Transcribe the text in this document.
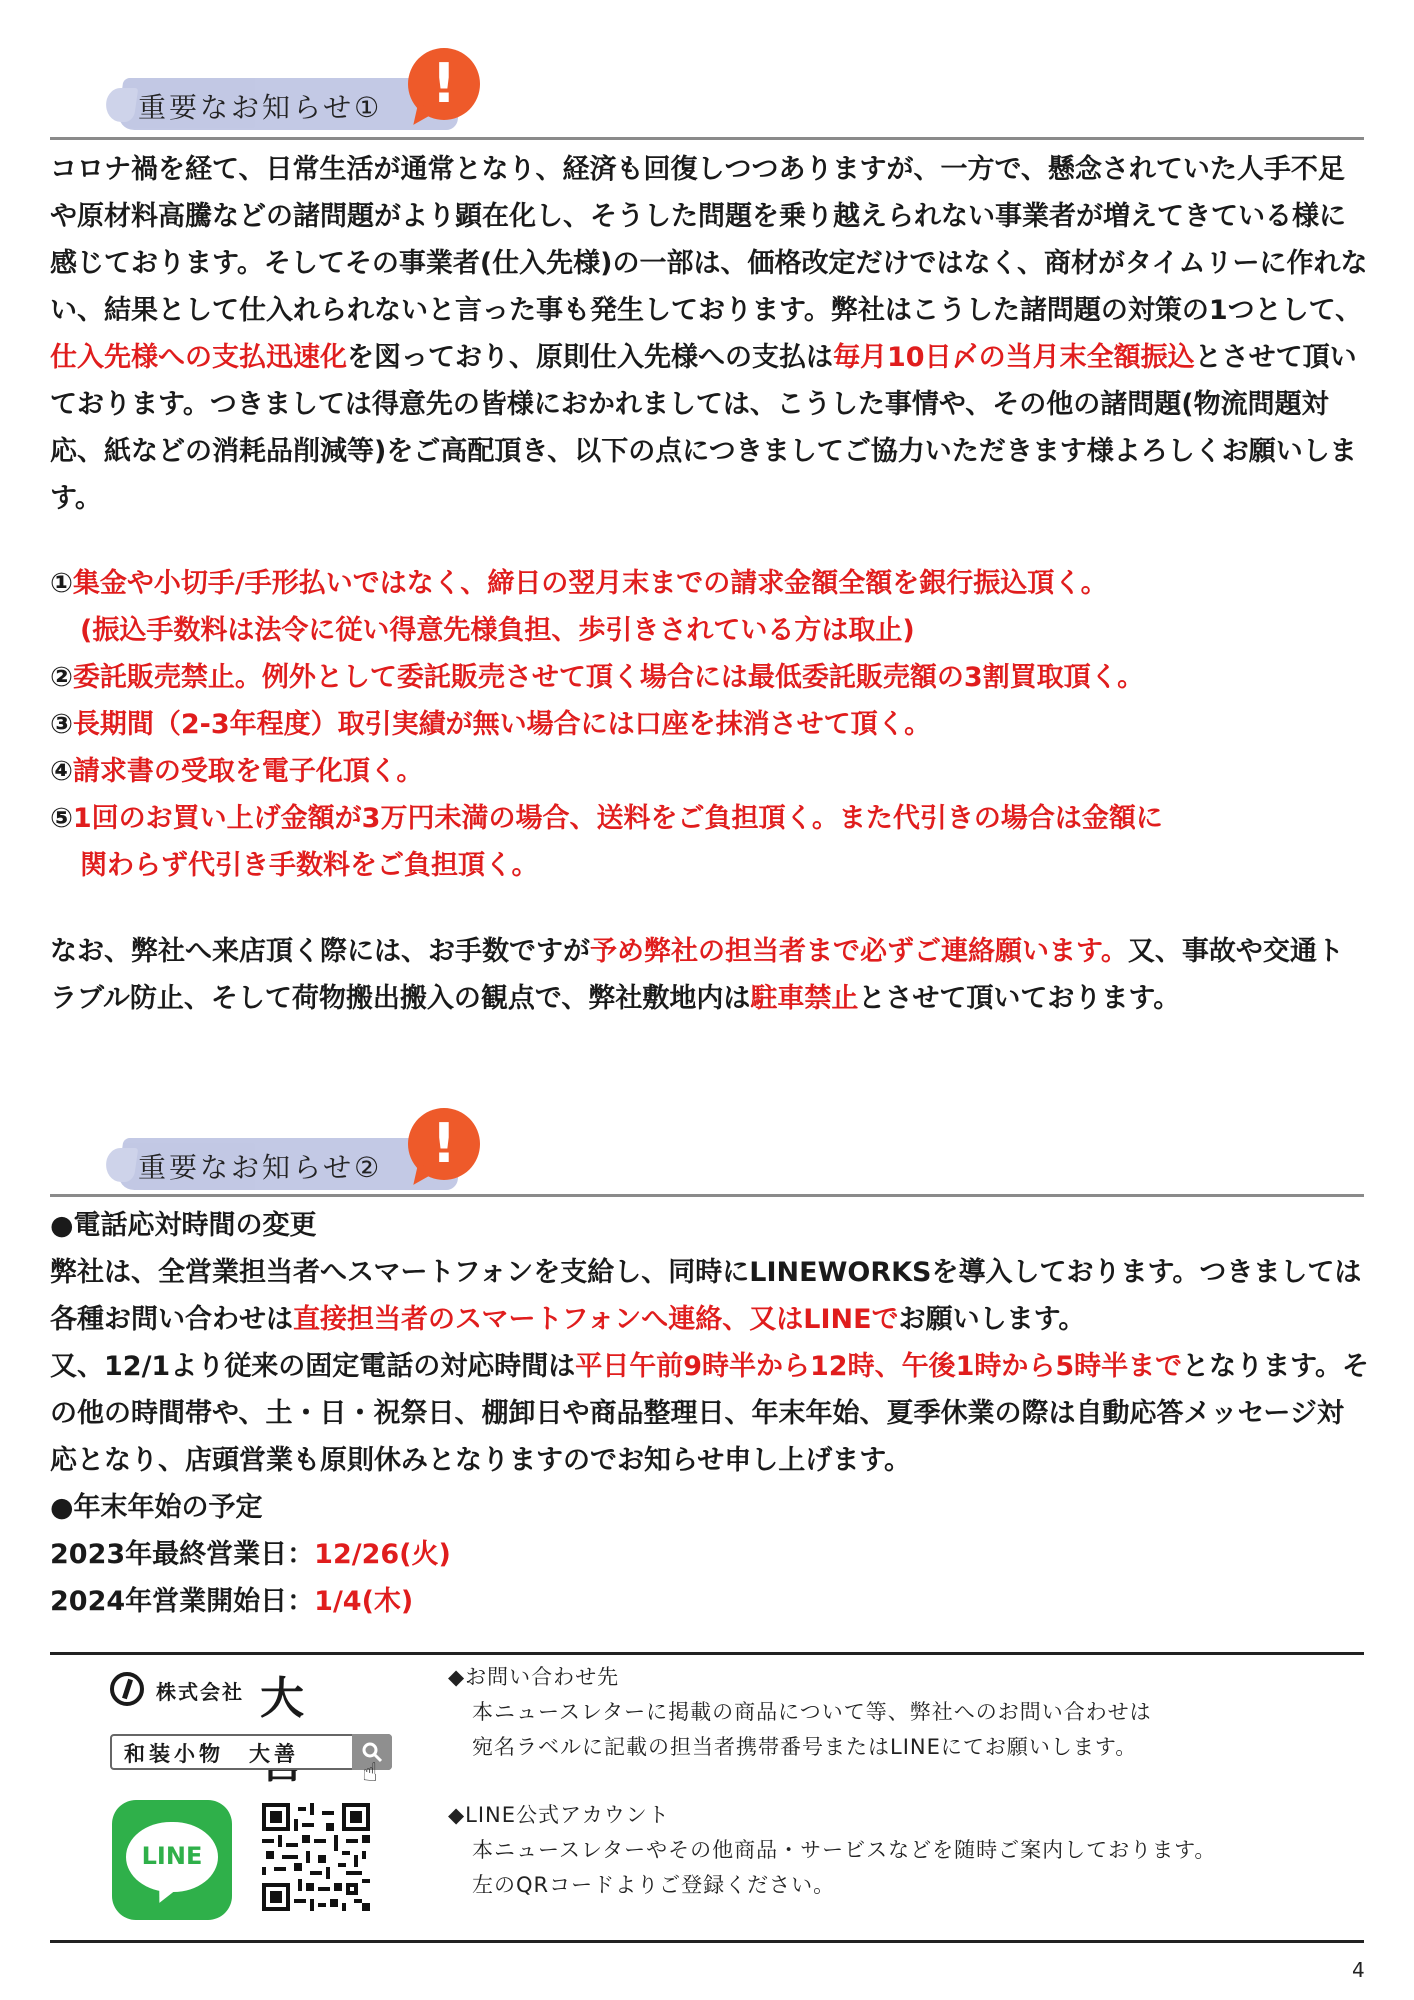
重要なお知らせ① !
コロナ禍を経て、日常生活が通常となり、経済も回復しつつありますが、一方で、懸念されていた人手不足や原材料高騰などの諸問題がより顕在化し、そうした問題を乗り越えられない事業者が増えてきている様に感じております。そしてその事業者(仕入先様)の一部は、価格改定だけではなく、商材がタイムリーに作れない、結果として仕入れられないと言った事も発生しております。弊社はこうした諸問題の対策の1つとして、仕入先様への支払迅速化を図っており、原則仕入先様への支払は毎月10日〆の当月末全額振込とさせて頂いております。つきましては得意先の皆様におかれましては、こうした事情や、その他の諸問題(物流問題対応、紙などの消耗品削減等)をご高配頂き、以下の点につきましてご協力いただきます様よろしくお願いします。
①集金や小切手/手形払いではなく、締日の翌月末までの請求金額全額を銀行振込頂く。
(振込手数料は法令に従い得意先様負担、歩引きされている方は取止)
②委託販売禁止。例外として委託販売させて頂く場合には最低委託販売額の3割買取頂く。
③長期間（2-3年程度）取引実績が無い場合には口座を抹消させて頂く。
④請求書の受取を電子化頂く。
⑤1回のお買い上げ金額が3万円未満の場合、送料をご負担頂く。また代引きの場合は金額に
関わらず代引き手数料をご負担頂く。
なお、弊社へ来店頂く際には、お手数ですが予め弊社の担当者まで必ずご連絡願います。又、事故や交通トラブル防止、そして荷物搬出搬入の観点で、弊社敷地内は駐車禁止とさせて頂いております。
重要なお知らせ② !
●電話応対時間の変更
弊社は、全営業担当者へスマートフォンを支給し、同時にLINEWORKSを導入しております。つきましては各種お問い合わせは直接担当者のスマートフォンへ連絡、又はLINEでお願いします。
又、12/1より従来の固定電話の対応時間は平日午前9時半から12時、午後1時から5時半までとなります。その他の時間帯や、土・日・祝祭日、棚卸日や商品整理日、年末年始、夏季休業の際は自動応答メッセージ対応となり、店頭営業も原則休みとなりますのでお知らせ申し上げます。
●年末年始の予定
2023年最終営業日：12/26(火)
2024年営業開始日：1/4(木)
株式会社 大
和装小物　大善
☝
LINE
◆お問い合わせ先
本ニュースレターに掲載の商品について等、弊社へのお問い合わせは
宛名ラベルに記載の担当者携帯番号またはLINEにてお願いします。
◆LINE公式アカウント
本ニュースレターやその他商品・サービスなどを随時ご案内しております。
左のQRコードよりご登録ください。
4
